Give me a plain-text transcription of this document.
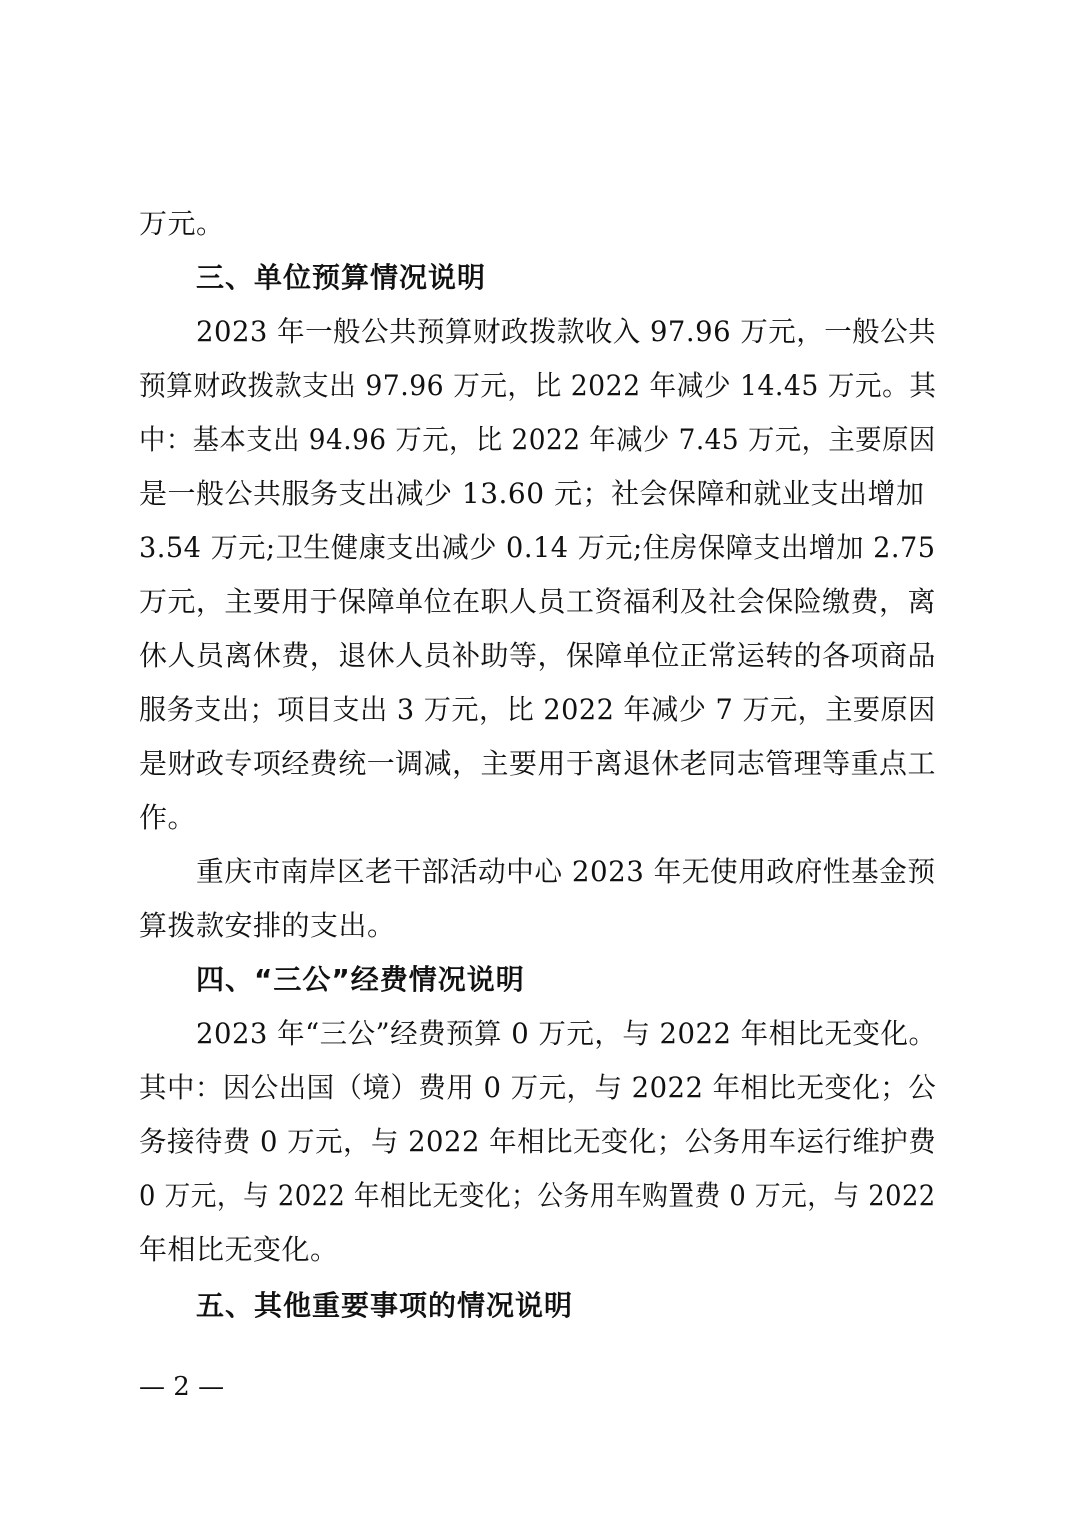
万元。
三、单位预算情况说明
2023 年一般公共预算财政拨款收入 97.96 万元，一般公共
预算财政拨款支出 97.96 万元，比 2022 年减少 14.45 万元。其
中：基本支出 94.96 万元，比 2022 年减少 7.45 万元，主要原因
是一般公共服务支出减少 13.60 元；社会保障和就业支出增加
3.54 万元;卫生健康支出减少 0.14 万元;住房保障支出增加 2.75
万元，主要用于保障单位在职人员工资福利及社会保险缴费，离
休人员离休费，退休人员补助等，保障单位正常运转的各项商品
服务支出；项目支出 3 万元，比 2022 年减少 7 万元，主要原因
是财政专项经费统一调减，主要用于离退休老同志管理等重点工
作。
重庆市南岸区老干部活动中心 2023 年无使用政府性基金预
算拨款安排的支出。
四、“三公”经费情况说明
2023 年“三公”经费预算 0 万元，与 2022 年相比无变化。
其中：因公出国（境）费用 0 万元，与 2022 年相比无变化；公
务接待费 0 万元，与 2022 年相比无变化；公务用车运行维护费
0 万元，与 2022 年相比无变化；公务用车购置费 0 万元，与 2022
年相比无变化。
五、其他重要事项的情况说明
— 2 —
